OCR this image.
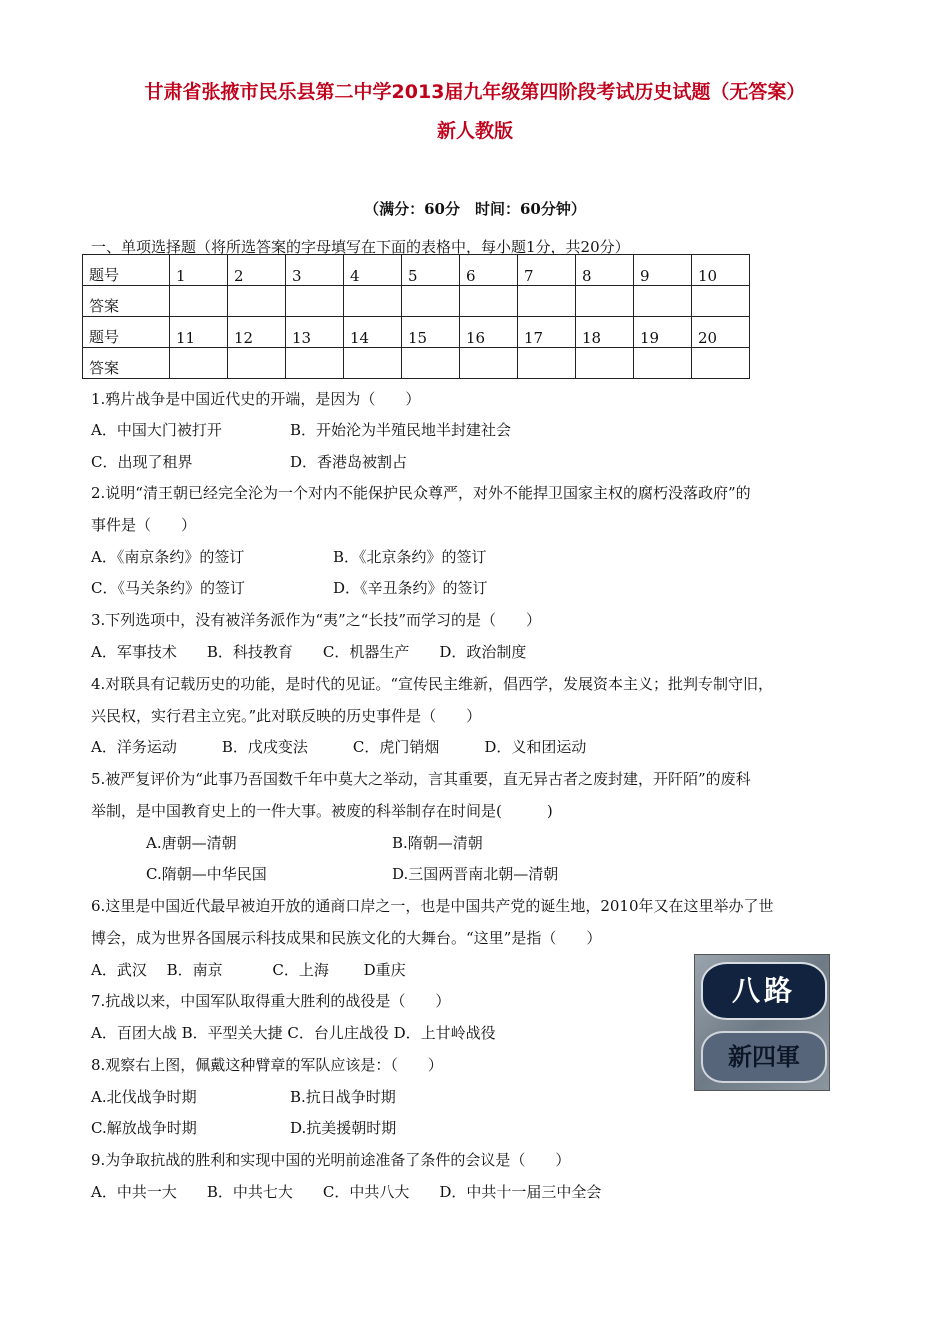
甘肃省张掖市民乐县第二中学2013届九年级第四阶段考试历史试题（无答案）
新人教版
（满分：60分　时间：60分钟）
一、单项选择题（将所选答案的字母填写在下面的表格中，每小题1分，共20分）
题号	1	2	3	4	5	6	7	8	9	10
答案										
题号	11	12	13	14	15	16	17	18	19	20
答案										
1.鸦片战争是中国近代史的开端，是因为（　　）
A．中国大门被打开	B．开始沦为半殖民地半封建社会
C．出现了租界	D．香港岛被割占
2.说明“清王朝已经完全沦为一个对内不能保护民众尊严，对外不能捍卫国家主权的腐朽没落政府”的
事件是（　　）
A．《南京条约》的签订	B．《北京条约》的签订
C．《马关条约》的签订	D．《辛丑条约》的签订
3.下列选项中，没有被洋务派作为“夷”之“长技”而学习的是（　　）
A．军事技术　　B．科技教育　　C．机器生产　　D．政治制度
4.对联具有记载历史的功能，是时代的见证。“宣传民主维新，倡西学，发展资本主义；批判专制守旧，
兴民权，实行君主立宪。”此对联反映的历史事件是（　　）
A．洋务运动　　　B．戊戌变法　　　C．虎门销烟　　　D．义和团运动
5.被严复评价为“此事乃吾国数千年中莫大之举动，言其重要，直无异古者之废封建，开阡陌”的废科
举制，是中国教育史上的一件大事。被废的科举制存在时间是(　　　)
A.唐朝—清朝	B.隋朝—清朝
C.隋朝—中华民国	D.三国两晋南北朝—清朝
6.这里是中国近代最早被迫开放的通商口岸之一，也是中国共产党的诞生地，2010年又在这里举办了世
博会，成为世界各国展示科技成果和民族文化的大舞台。“这里”是指（　　）
A．武汉　 B．南京　　　 C．上海　　 D重庆
7.抗战以来，中国军队取得重大胜利的战役是（　　）
A．百团大战 B．平型关大捷 C．台儿庄战役 D．上甘岭战役
8.观察右上图，佩戴这种臂章的军队应该是：（　　）
A.北伐战争时期	B.抗日战争时期
C.解放战争时期	D.抗美援朝时期
9.为争取抗战的胜利和实现中国的光明前途准备了条件的会议是（　　）
A．中共一大　　B．中共七大　　C．中共八大　　D．中共十一届三中全会
八路
新四軍
